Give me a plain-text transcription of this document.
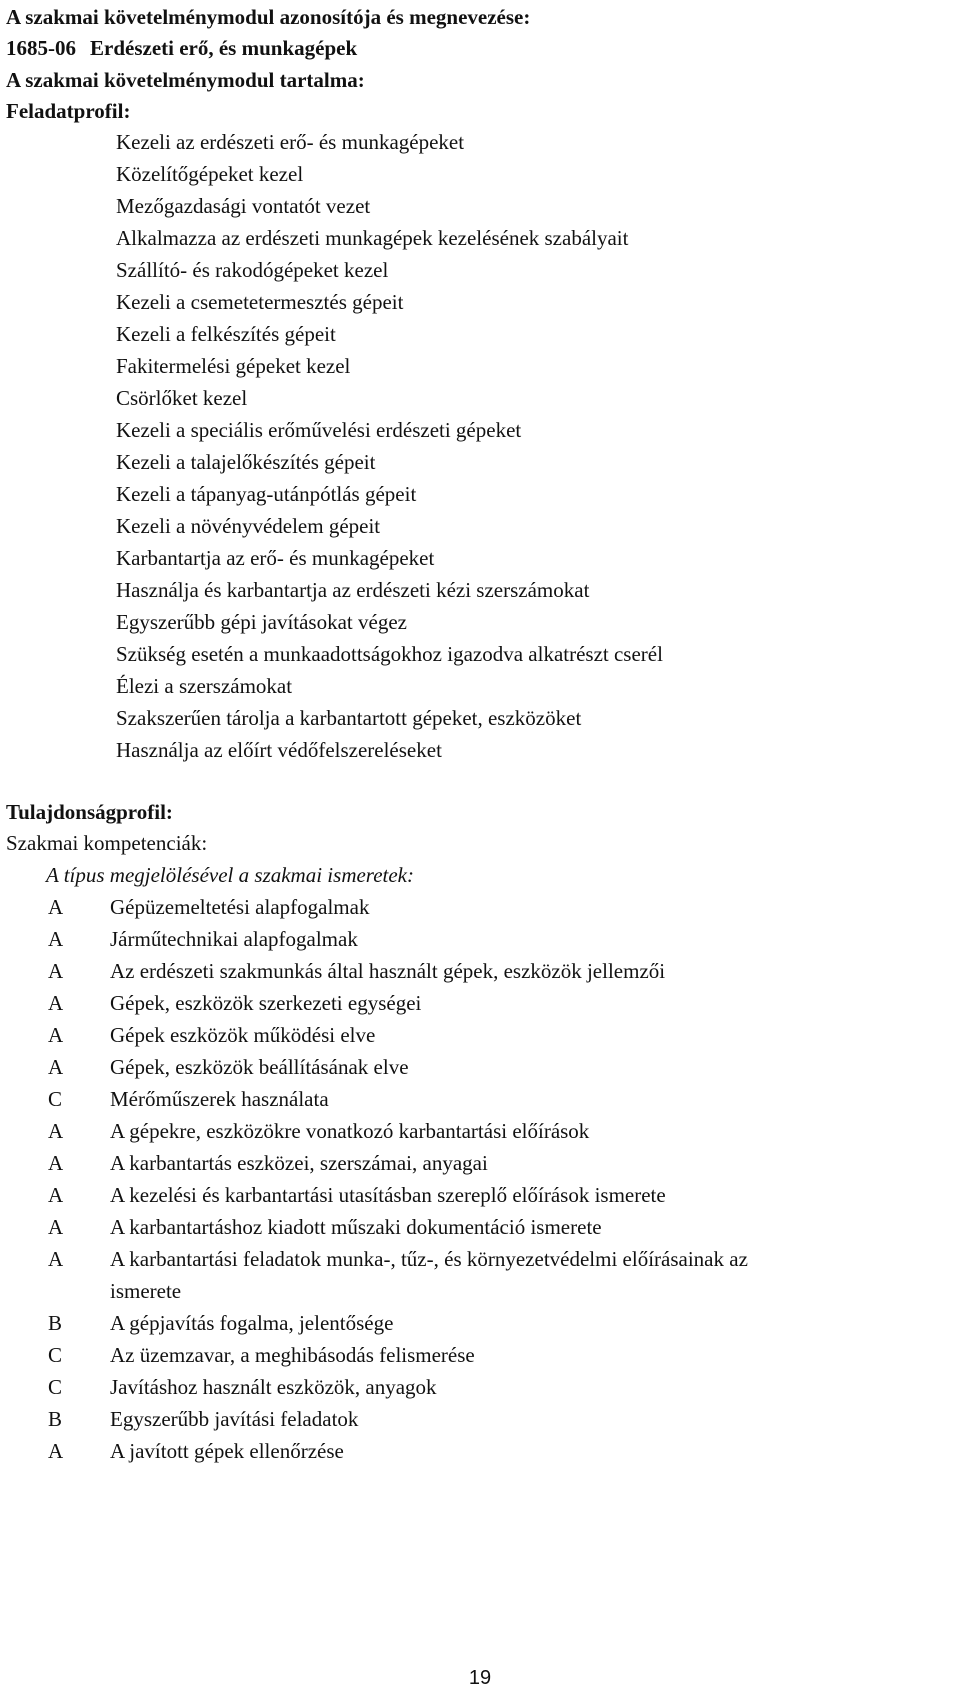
A szakmai követelménymodul azonosítója és megnevezése:
1685-06 Erdészeti erő, és munkagépek
A szakmai követelménymodul tartalma:
Feladatprofil:
Kezeli az erdészeti erő- és munkagépeket
Közelítőgépeket kezel
Mezőgazdasági vontatót vezet
Alkalmazza az erdészeti munkagépek kezelésének szabályait
Szállító- és rakodógépeket kezel
Kezeli a csemetetermesztés gépeit
Kezeli a felkészítés gépeit
Fakitermelési gépeket kezel
Csörlőket kezel
Kezeli a speciális erőművelési erdészeti gépeket
Kezeli a talajelőkészítés gépeit
Kezeli a tápanyag-utánpótlás gépeit
Kezeli a növényvédelem gépeit
Karbantartja az erő- és munkagépeket
Használja és karbantartja az erdészeti kézi szerszámokat
Egyszerűbb gépi javításokat végez
Szükség esetén a munkaadottságokhoz igazodva alkatrészt cserél
Élezi a szerszámokat
Szakszerűen tárolja a karbantartott gépeket, eszközöket
Használja az előírt védőfelszereléseket
Tulajdonságprofil:
Szakmai kompetenciák:
A típus megjelölésével a szakmai ismeretek:
A Gépüzemeltetési alapfogalmak
A Járműtechnikai alapfogalmak
A Az erdészeti szakmunkás által használt gépek, eszközök jellemzői
A Gépek, eszközök szerkezeti egységei
A Gépek eszközök működési elve
A Gépek, eszközök beállításának elve
C Mérőműszerek használata
A A gépekre, eszközökre vonatkozó karbantartási előírások
A A karbantartás eszközei, szerszámai, anyagai
A A kezelési és karbantartási utasításban szereplő előírások ismerete
A A karbantartáshoz kiadott műszaki dokumentáció ismerete
A A karbantartási feladatok munka-, tűz-, és környezetvédelmi előírásainak az
ismerete
B A gépjavítás fogalma, jelentősége
C Az üzemzavar, a meghibásodás felismerése
C Javításhoz használt eszközök, anyagok
B Egyszerűbb javítási feladatok
A A javított gépek ellenőrzése
19
